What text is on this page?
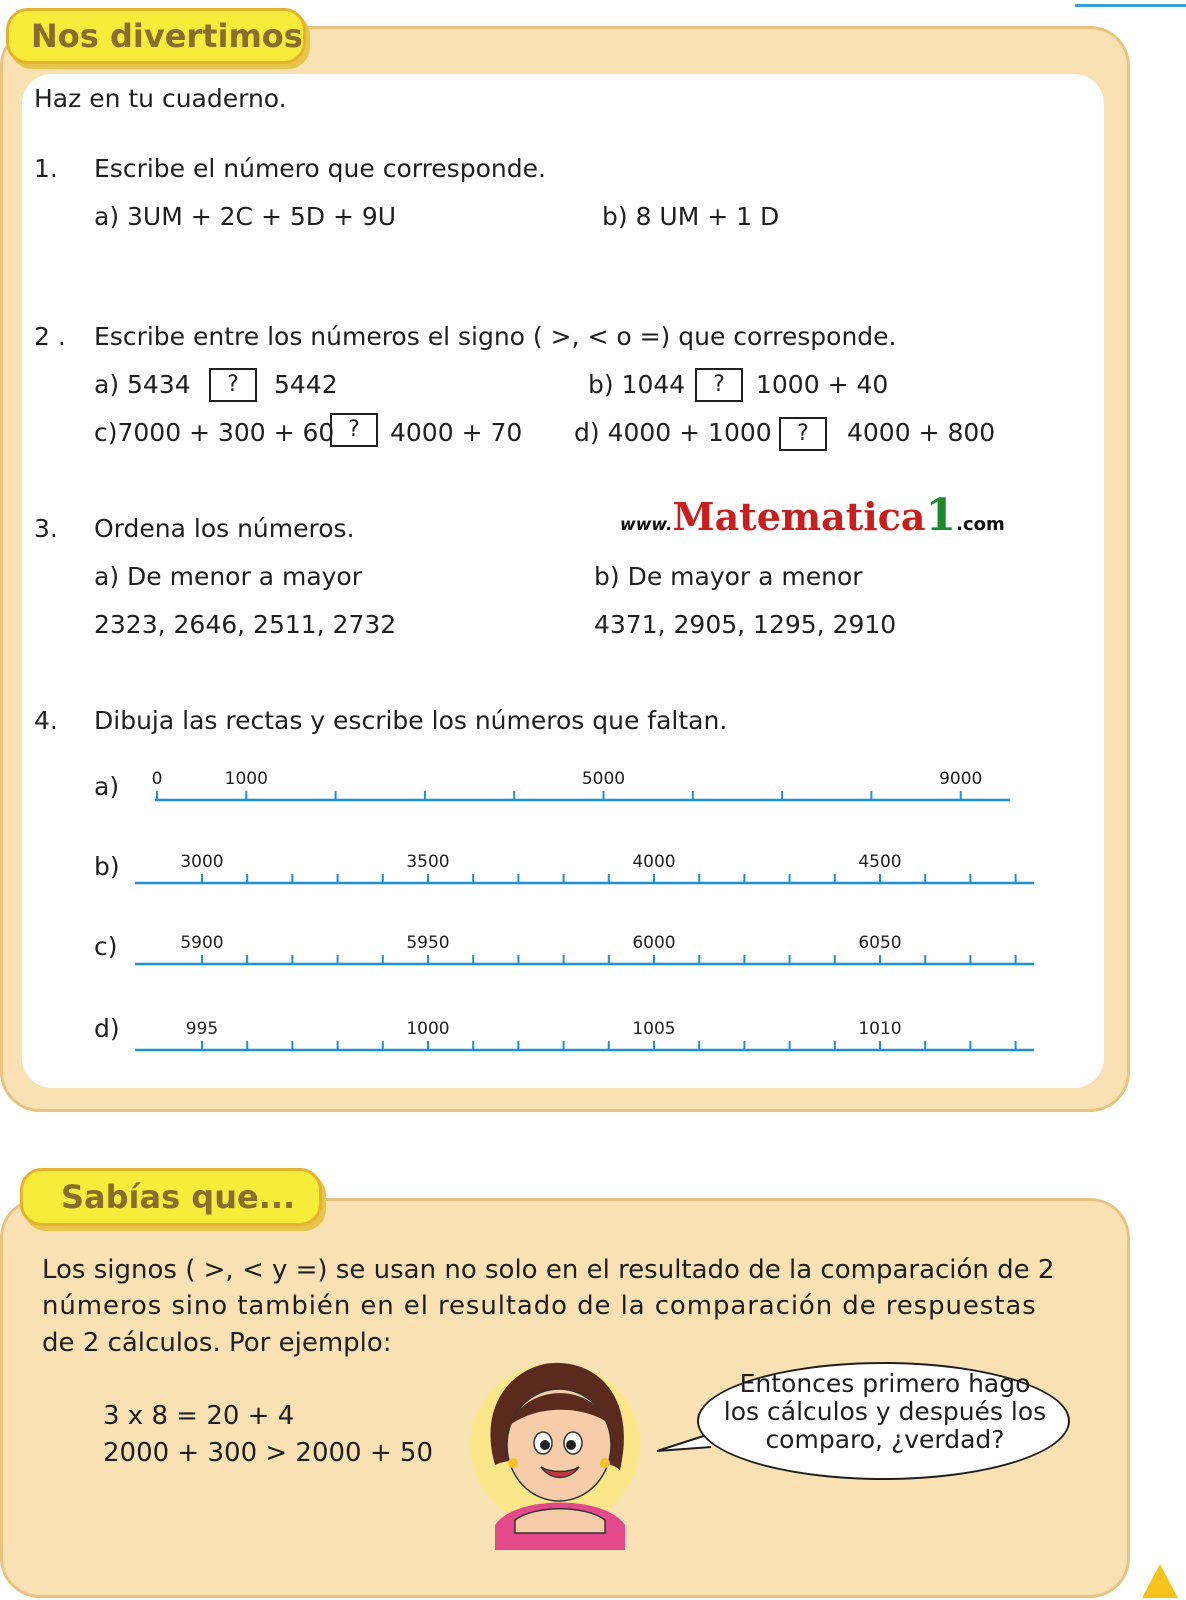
Nos divertimos
Haz en tu cuaderno.
1. Escribe el número que corresponde.
a) 3UM + 2C + 5D + 9U	b) 8 UM + 1 D
2 . Escribe entre los números el signo ( >, < o =) que corresponde.
a) 5434	?	5442	b) 1044	?	1000 + 40
c)7000 + 300 + 60 ?	4000 + 70 d) 4000 + 1000	?	4000 + 800
3. Ordena los números.	www.Matematica1.com
a) De menor a mayor	b) De mayor a menor
2323, 2646, 2511, 2732	4371, 2905, 1295, 2910
4. Dibuja las rectas y escribe los números que faltan.
a)
b)
c)
d)
0	1000	5000	9000
3000	3500	4000	4500
5900	5950	6000	6050
995	1000	1005	1010
Sabías que...
Los signos ( >, < y =) se usan no solo en el resultado de la comparación de 2
números sino también en el resultado de la comparación de respuestas
de 2 cálculos. Por ejemplo:
3 x 8 = 20 + 4
2000 + 300 > 2000 + 50
Entonces primero hago
los cálculos y después los
comparo, ¿verdad?
